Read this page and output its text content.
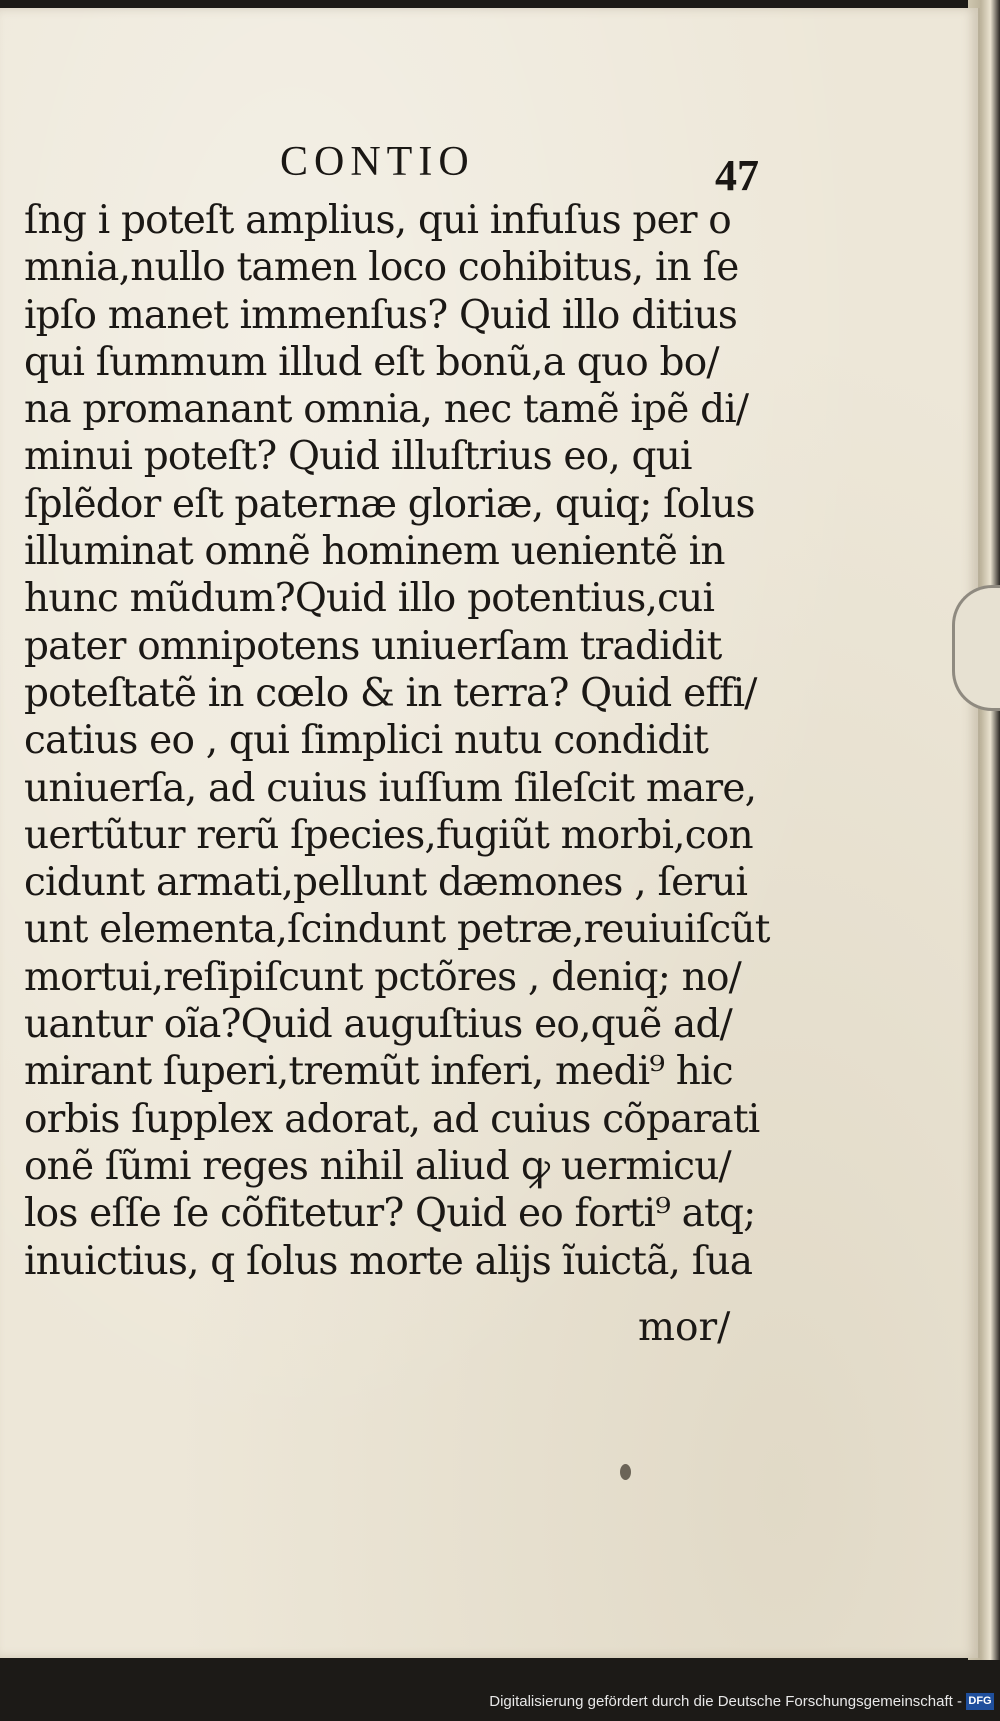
CONTIO	47
ſng i poteſt amplius, qui infuſus per o
mnia,nullo tamen loco cohibitus, in ſe
ipſo manet immenſus? Quid illo ditius
qui ſummum illud eſt bonũ,a quo bo/
na promanant omnia, nec tamẽ ipẽ di/
minui poteſt? Quid illuſtrius eo, qui
ſplẽdor eſt paternæ gloriæ, quiq; ſolus
illuminat omnẽ hominem uenientẽ in
hunc mũdum?Quid illo potentius,cui
pater omnipotens uniuerſam tradidit
poteſtatẽ in cœlo & in terra? Quid effi/
catius eo , qui ſimplici nutu condidit
uniuerſa, ad cuius iuſſum ſileſcit mare,
uertũtur rerũ ſpecies,fugiũt morbi,con
cidunt armati,pellunt dæmones , ſerui
unt elementa,ſcindunt petræ,reuiuiſcũt
mortui,reſipiſcunt pctõres , deniq; no/
uantur oĩa?Quid auguſtius eo,quẽ ad/
mirant ſuperi,tremũt inferi, medi⁹ hic
orbis ſupplex adorat, ad cuius cõparati
onẽ ſũmi reges nihil aliud ꝙ uermicu/
los eſſe ſe cõfitetur? Quid eo forti⁹ atq;
inuictius, q ſolus morte alijs ĩuictã, ſua
mor/
Digitalisierung gefördert durch die Deutsche Forschungsgemeinschaft - DFG
